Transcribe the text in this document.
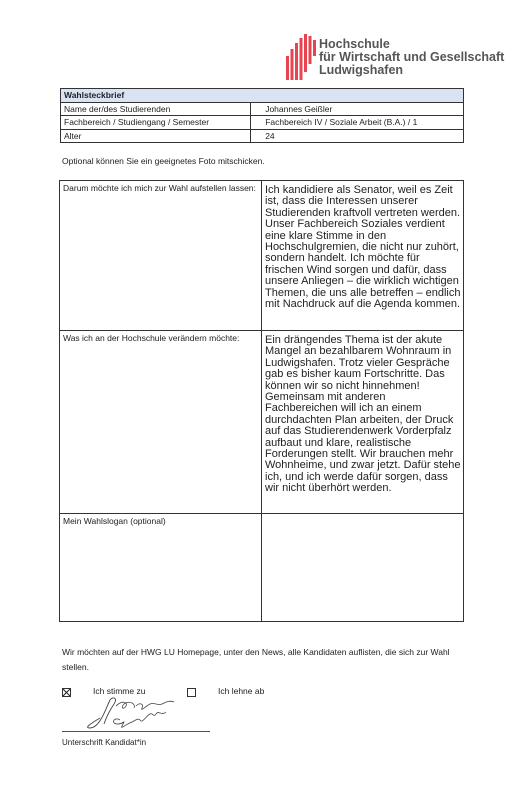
Hochschule
für Wirtschaft und Gesellschaft
Ludwigshafen
Wahlsteckbrief	
Name der/des Studierenden	Johannes Geißler
Fachbereich / Studiengang / Semester	Fachbereich IV / Soziale Arbeit (B.A.) / 1
Alter	24
Optional können Sie ein geeignetes Foto mitschicken.
Darum möchte ich mich zur Wahl aufstellen lassen:	Ich kandidiere als Senator, weil es Zeit ist, dass die Interessen unserer Studierenden kraftvoll vertreten werden. Unser Fachbereich Soziales verdient eine klare Stimme in den Hochschulgremien, die nicht nur zuhört, sondern handelt. Ich möchte für frischen Wind sorgen und dafür, dass unsere Anliegen – die wirklich wichtigen Themen, die uns alle betreffen – endlich mit Nachdruck auf die Agenda kommen.
Was ich an der Hochschule verändern möchte:	Ein drängendes Thema ist der akute Mangel an bezahlbarem Wohnraum in Ludwigshafen. Trotz vieler Gespräche gab es bisher kaum Fortschritte. Das können wir so nicht hinnehmen! Gemeinsam mit anderen Fachbereichen will ich an einem durchdachten Plan arbeiten, der Druck auf das Studierendenwerk Vorderpfalz aufbaut und klare, realistische Forderungen stellt. Wir brauchen mehr Wohnheime, und zwar jetzt. Dafür stehe ich, und ich werde dafür sorgen, dass wir nicht überhört werden.
Mein Wahlslogan (optional)	
Wir möchten auf der HWG LU Homepage, unter den News, alle Kandidaten auflisten, die sich zur Wahl stellen.
Ich stimme zu	Ich lehne ab
Unterschrift Kandidat*in
